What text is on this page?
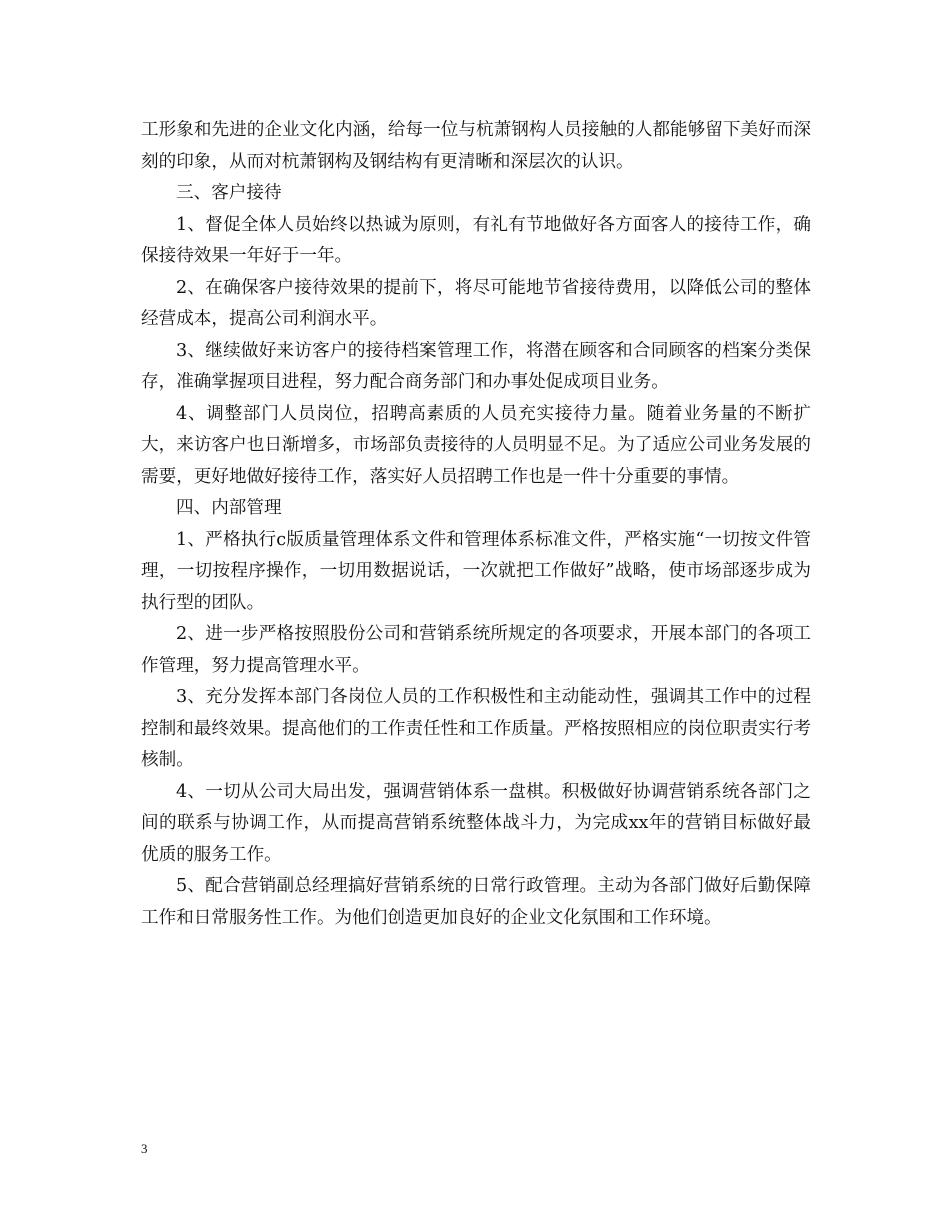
工形象和先进的企业文化内涵，给每一位与杭萧钢构人员接触的人都能够留下美好而深刻的印象，从而对杭萧钢构及钢结构有更清晰和深层次的认识。

三、客户接待

1、督促全体人员始终以热诚为原则，有礼有节地做好各方面客人的接待工作，确保接待效果一年好于一年。

2、在确保客户接待效果的提前下，将尽可能地节省接待费用，以降低公司的整体经营成本，提高公司利润水平。

3、继续做好来访客户的接待档案管理工作，将潜在顾客和合同顾客的档案分类保存，准确掌握项目进程，努力配合商务部门和办事处促成项目业务。

4、调整部门人员岗位，招聘高素质的人员充实接待力量。随着业务量的不断扩大，来访客户也日渐增多，市场部负责接待的人员明显不足。为了适应公司业务发展的需要，更好地做好接待工作，落实好人员招聘工作也是一件十分重要的事情。

四、内部管理

1、严格执行c版质量管理体系文件和管理体系标准文件，严格实施“一切按文件管理，一切按程序操作，一切用数据说话，一次就把工作做好”战略，使市场部逐步成为执行型的团队。

2、进一步严格按照股份公司和营销系统所规定的各项要求，开展本部门的各项工作管理，努力提高管理水平。

3、充分发挥本部门各岗位人员的工作积极性和主动能动性，强调其工作中的过程控制和最终效果。提高他们的工作责任性和工作质量。严格按照相应的岗位职责实行考核制。

4、一切从公司大局出发，强调营销体系一盘棋。积极做好协调营销系统各部门之间的联系与协调工作，从而提高营销系统整体战斗力，为完成xx年的营销目标做好最优质的服务工作。

5、配合营销副总经理搞好营销系统的日常行政管理。主动为各部门做好后勤保障工作和日常服务性工作。为他们创造更加良好的企业文化氛围和工作环境。

3
